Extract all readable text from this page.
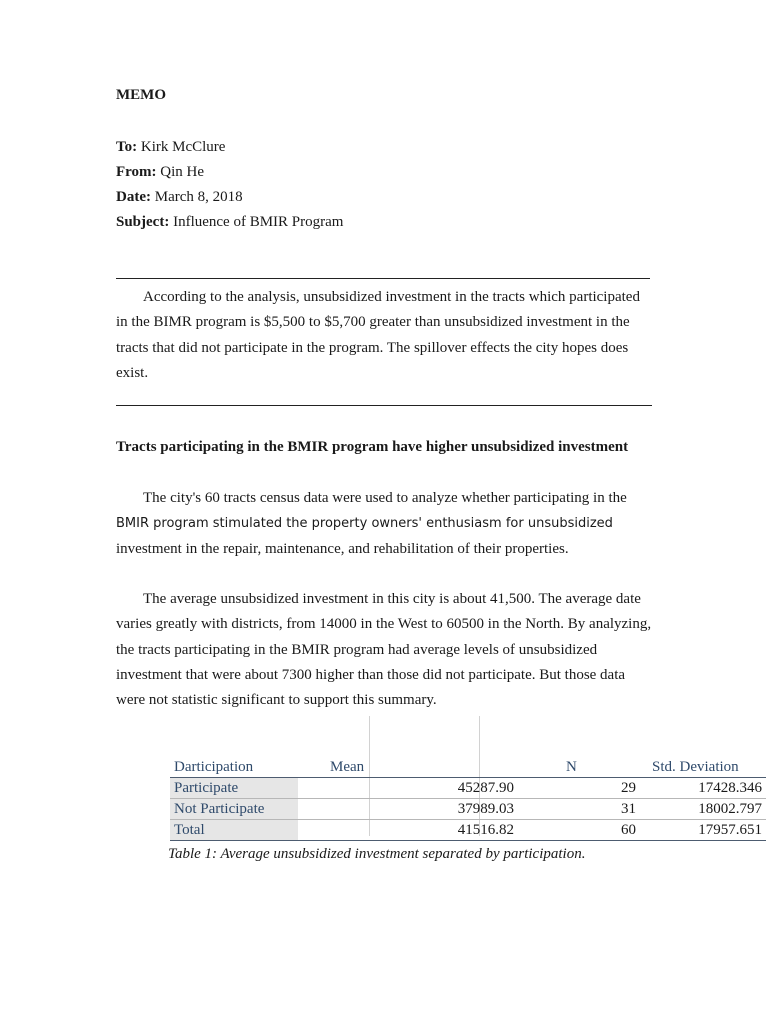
MEMO
To: Kirk McClure
From: Qin He
Date: March 8, 2018
Subject: Influence of BMIR Program

According to the analysis, unsubsidized investment in the tracts which participated in the BIMR program is $5,500 to $5,700 greater than unsubsidized investment in the tracts that did not participate in the program. The spillover effects the city hopes does exist.

Tracts participating in the BMIR program have higher unsubsidized investment

The city's 60 tracts census data were used to analyze whether participating in the
BMIR program stimulated the property owners' enthusiasm for unsubsidized
investment in the repair, maintenance, and rehabilitation of their properties.

The average unsubsidized investment in this city is about 41,500. The average date varies greatly with districts, from 14000 in the West to 60500 in the North. By analyzing, the tracts participating in the BMIR program had average levels of unsubsidized investment that were about 7300 higher than those did not participate. But those data were not statistic significant to support this summary.

Darticipation	Mean	N	Std. Deviation
Participate	45287.90	29	17428.346
Not Participate	37989.03	31	18002.797
Total	41516.82	60	17957.651
Table 1: Average unsubsidized investment separated by participation.
